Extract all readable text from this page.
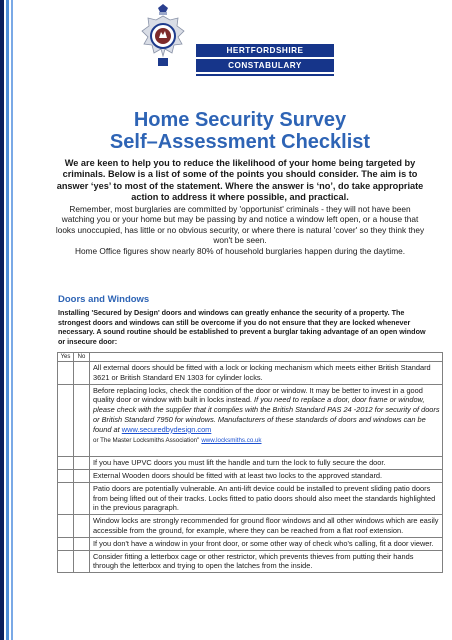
HERTFORDSHIRE
CONSTABULARY
Home Security Survey
Self–Assessment Checklist

We are keen to help you to reduce the likelihood of your home being targeted by criminals. Below is a list of some of the points you should consider. The aim is to answer ‘yes’ to most of the statement. Where the answer is ‘no’, do take appropriate action to address it where possible, and practical.

Remember, most burglaries are committed by 'opportunist' criminals - they will not have been watching you or your home but may be passing by and notice a window left open, or a house that looks unoccupied, has little or no obvious security, or where there is natural 'cover' so they think they won't be seen.

Home Office figures show nearly 80% of household burglaries happen during the daytime.

Doors and Windows
Installing 'Secured by Design' doors and windows can greatly enhance the security of a property. The strongest doors and windows can still be overcome if you do not ensure that they are locked whenever necessary. A sound routine should be established to prevent a burglar taking advantage of an open window or insecure door:
Yes	No	
		All external doors should be fitted with a lock or locking mechanism which meets either British Standard 3621 or British Standard EN 1303 for cylinder locks.
		Before replacing locks, check the condition of the door or window. It may be better to invest in a good quality door or window with built in locks instead. If you need to replace a door, door frame or window, please check with the supplier that it complies with the British Standard PAS 24 -2012 for security of doors or British Standard 7950 for windows. Manufacturers of these standards of doors and windows can be found at www.securedbydesign.com
or The Master Locksmiths Association" www.locksmiths.co.uk

		If you have UPVC doors you must lift the handle and turn the lock to fully secure the door.
		External Wooden doors should be fitted with at least two locks to the approved standard.
		Patio doors are potentially vulnerable. An anti-lift device could be installed to prevent sliding patio doors from being lifted out of their tracks. Locks fitted to patio doors should also meet the standards highlighted in the previous paragraph.
		Window locks are strongly recommended for ground floor windows and all other windows which are easily accessible from the ground, for example, where they can be reached from a flat roof extension.
		If you don't have a window in your front door, or some other way of check who's calling, fit a door viewer.
		Consider fitting a letterbox cage or other restrictor, which prevents thieves from putting their hands through the letterbox and trying to open the latches from the inside.
